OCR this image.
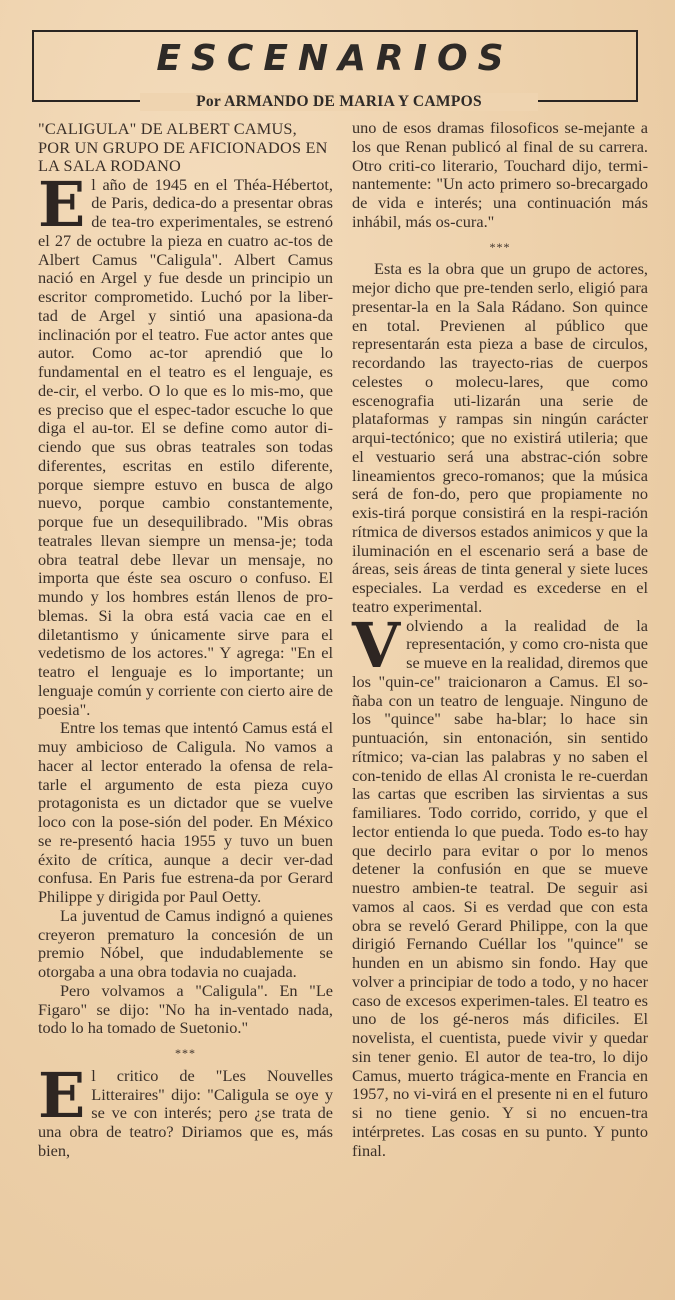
ESCENARIOS
Por ARMANDO DE MARIA Y CAMPOS
"CALIGULA" DE ALBERT CAMUS, POR UN GRUPO DE AFICIONADOS EN LA SALA RODANO

El año de 1945 en el Théa-Hébertot, de Paris, dedica-do a presentar obras de tea-tro experimentales, se estrenó el 27 de octubre la pieza en cuatro ac-tos de Albert Camus "Caligula". Albert Camus nació en Argel y fue desde un principio un escritor comprometido. Luchó por la liber-tad de Argel y sintió una apasiona-da inclinación por el teatro. Fue actor antes que autor. Como ac-tor aprendió que lo fundamental en el teatro es el lenguaje, es de-cir, el verbo. O lo que es lo mis-mo, que es preciso que el espec-tador escuche lo que diga el au-tor. El se define como autor di-ciendo que sus obras teatrales son todas diferentes, escritas en estilo diferente, porque siempre estuvo en busca de algo nuevo, porque cambio constantemente, porque fue un desequilibrado. "Mis obras teatrales llevan siempre un mensa-je; toda obra teatral debe llevar un mensaje, no importa que éste sea oscuro o confuso. El mundo y los hombres están llenos de pro-blemas. Si la obra está vacia cae en el diletantismo y únicamente sirve para el vedetismo de los actores." Y agrega: "En el teatro el lenguaje es lo importante; un lenguaje común y corriente con cierto aire de poesia".

Entre los temas que intentó Camus está el muy ambicioso de Caligula. No vamos a hacer al lector enterado la ofensa de rela-tarle el argumento de esta pieza cuyo protagonista es un dictador que se vuelve loco con la pose-sión del poder. En México se re-presentó hacia 1955 y tuvo un buen éxito de crítica, aunque a decir ver-dad confusa. En Paris fue estrena-da por Gerard Philippe y dirigida por Paul Oetty.

La juventud de Camus indignó a quienes creyeron prematuro la concesión de un premio Nóbel, que indudablemente se otorgaba a una obra todavia no cuajada.

Pero volvamos a "Caligula". En "Le Figaro" se dijo: "No ha in-ventado nada, todo lo ha tomado de Suetonio."

***

El critico de "Les Nouvelles Litteraires" dijo: "Caligula se oye y se ve con interés; pero ¿se trata de una obra de teatro? Diriamos que es, más bien,

uno de esos dramas filosoficos se-mejante a los que Renan publicó al final de su carrera. Otro criti-co literario, Touchard dijo, termi-nantemente: "Un acto primero so-brecargado de vida e interés; una continuación más inhábil, más os-cura."

***

Esta es la obra que un grupo de actores, mejor dicho que pre-tenden serlo, eligió para presentar-la en la Sala Rádano. Son quince en total. Previenen al público que representarán esta pieza a base de circulos, recordando las trayecto-rias de cuerpos celestes o molecu-lares, que como escenografia uti-lizarán una serie de plataformas y rampas sin ningún carácter arqui-tectónico; que no existirá utileria; que el vestuario será una abstrac-ción sobre lineamientos greco-romanos; que la música será de fon-do, pero que propiamente no exis-tirá porque consistirá en la respi-ración rítmica de diversos estados animicos y que la iluminación en el escenario será a base de áreas, seis áreas de tinta general y siete luces especiales. La verdad es excederse en el teatro experimental.

Volviendo a la realidad de la representación, y como cro-nista que se mueve en la realidad, diremos que los "quin-ce" traicionaron a Camus. El so-ñaba con un teatro de lenguaje. Ninguno de los "quince" sabe ha-blar; lo hace sin puntuación, sin entonación, sin sentido rítmico; va-cian las palabras y no saben el con-tenido de ellas Al cronista le re-cuerdan las cartas que escriben las sirvientas a sus familiares. Todo corrido, corrido, y que el lector entienda lo que pueda. Todo es-to hay que decirlo para evitar o por lo menos detener la confusión en que se mueve nuestro ambien-te teatral. De seguir asi vamos al caos. Si es verdad que con esta obra se reveló Gerard Philippe, con la que dirigió Fernando Cuéllar los "quince" se hunden en un abismo sin fondo. Hay que volver a principiar de todo a todo, y no hacer caso de excesos experimen-tales. El teatro es uno de los gé-neros más dificiles. El novelista, el cuentista, puede vivir y quedar sin tener genio. El autor de tea-tro, lo dijo Camus, muerto trágica-mente en Francia en 1957, no vi-virá en el presente ni en el futuro si no tiene genio. Y si no encuen-tra intérpretes. Las cosas en su punto. Y punto final.
